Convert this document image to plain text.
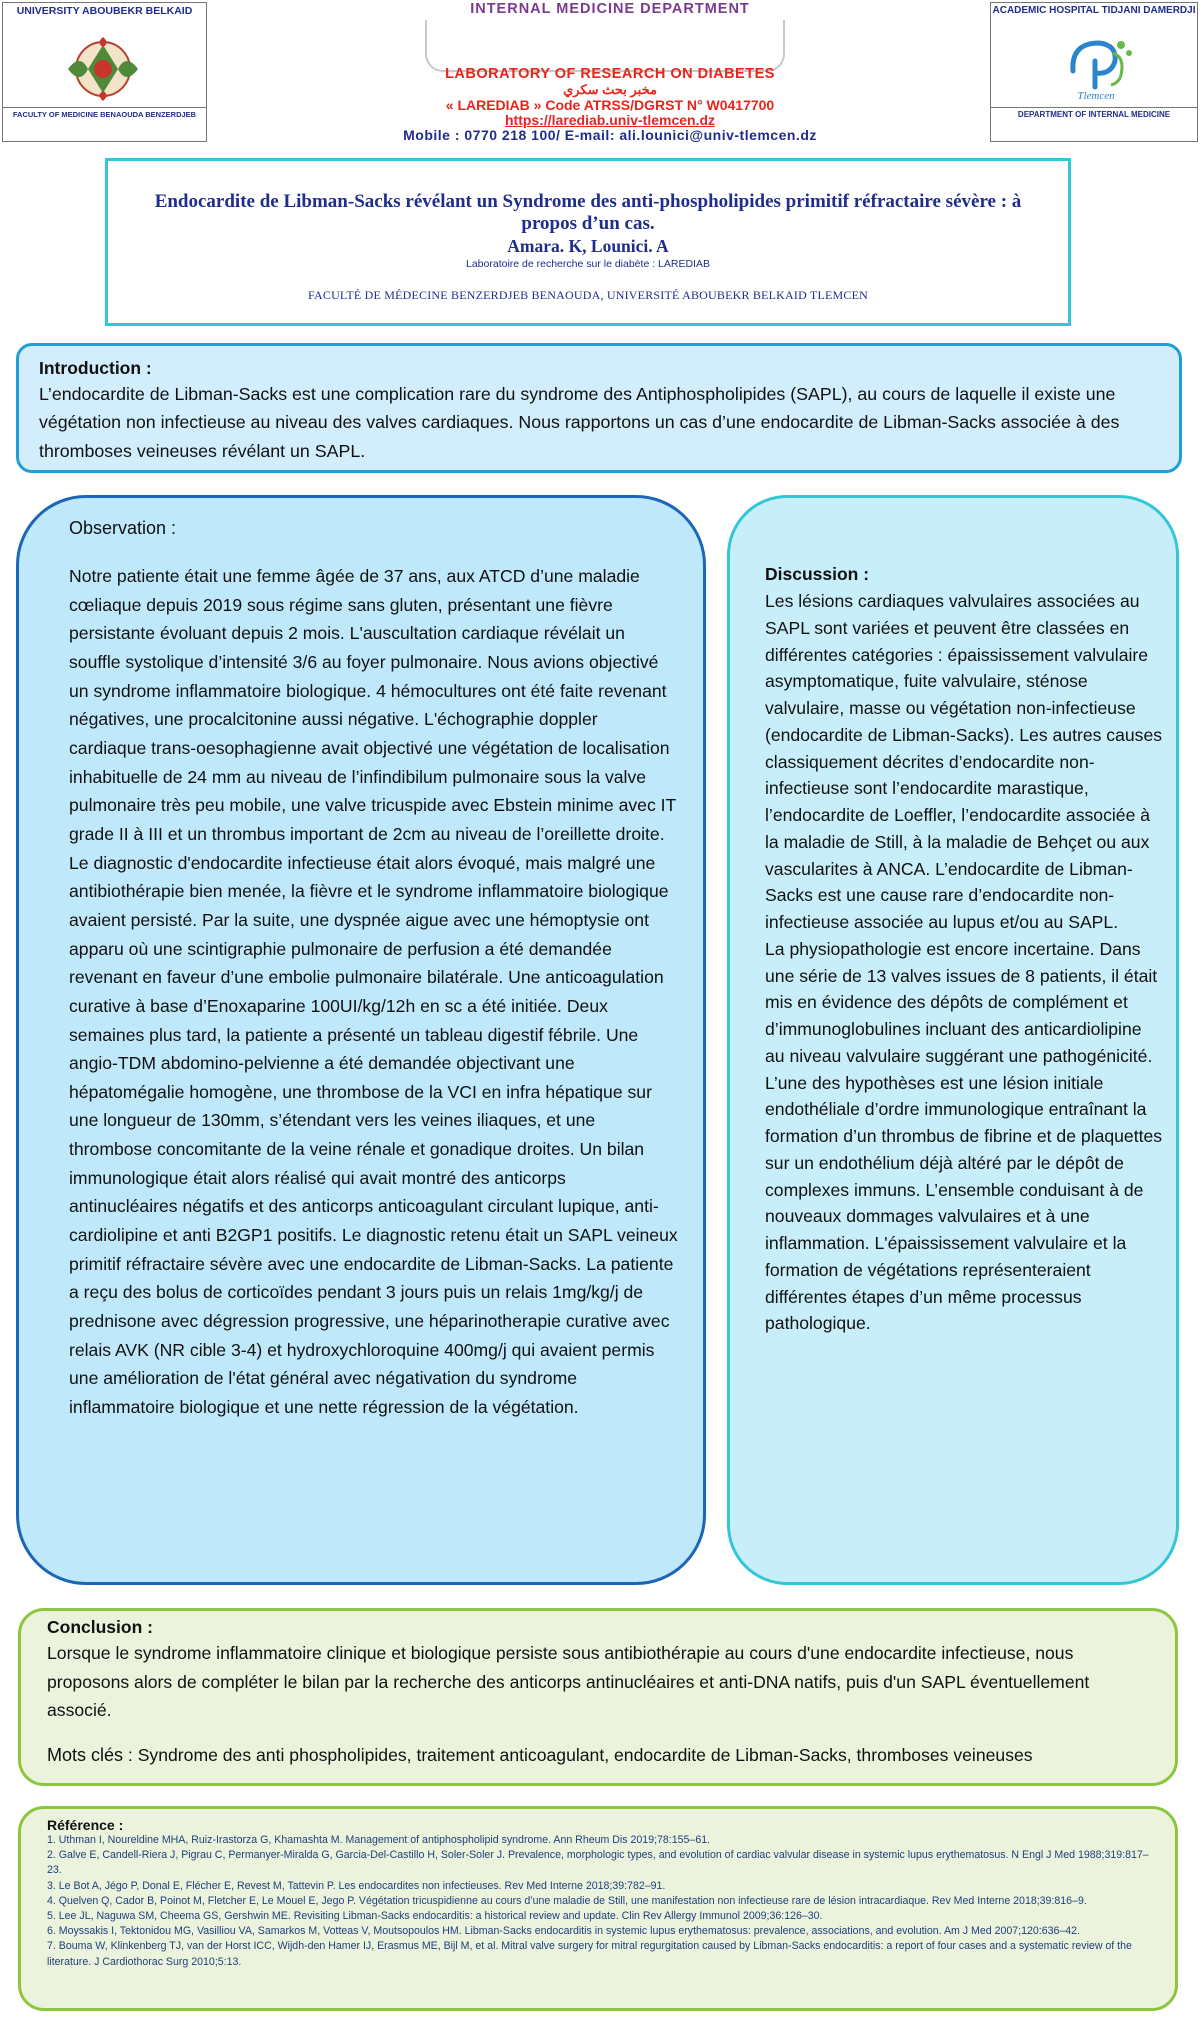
UNIVERSITY ABOUBEKR BELKAID
FACULTY OF MEDICINE BENAOUDA BENZERDJEB
INTERNAL MEDICINE DEPARTMENT
LABORATORY OF RESEARCH ON DIABETES
مخبر بحث سكري
« LAREDIAB » Code ATRSS/DGRST N° W0417700
https://larediab.univ-tlemcen.dz
Mobile : 0770 218 100/ E-mail: ali.lounici@univ-tlemcen.dz
ACADEMIC HOSPITAL TIDJANI DAMERDJI
Tlemcen
DEPARTMENT OF INTERNAL MEDICINE
Endocardite de Libman-Sacks révélant un Syndrome des anti-phospholipides primitif réfractaire sévère : à propos d’un cas.
Amara. K, Lounici. A
Laboratoire de recherche sur le diabète : LAREDIAB
FACULTÉ DE MÉDECINE BENZERDJEB BENAOUDA, UNIVERSITÉ ABOUBEKR BELKAID TLEMCEN
Introduction :

L’endocardite de Libman-Sacks est une complication rare du syndrome des Antiphospholipides (SAPL), au cours de laquelle il existe une végétation non infectieuse au niveau des valves cardiaques. Nous rapportons un cas d’une endocardite de Libman-Sacks associée à des thromboses veineuses révélant un SAPL.

Observation :

Notre patiente était une femme âgée de 37 ans, aux ATCD d’une maladie cœliaque depuis 2019 sous régime sans gluten, présentant une fièvre persistante évoluant depuis 2 mois. L'auscultation cardiaque révélait un souffle systolique d’intensité 3/6 au foyer pulmonaire. Nous avions objectivé un syndrome inflammatoire biologique. 4 hémocultures ont été faite revenant négatives, une procalcitonine aussi négative. L'échographie doppler cardiaque trans-oesophagienne avait objectivé une végétation de localisation inhabituelle de 24 mm au niveau de l’infindibilum pulmonaire sous la valve pulmonaire très peu mobile, une valve tricuspide avec Ebstein minime avec IT grade II à III et un thrombus important de 2cm au niveau de l’oreillette droite. Le diagnostic d'endocardite infectieuse était alors évoqué, mais malgré une antibiothérapie bien menée, la fièvre et le syndrome inflammatoire biologique avaient persisté. Par la suite, une dyspnée aigue avec une hémoptysie ont apparu où une scintigraphie pulmonaire de perfusion a été demandée revenant en faveur d’une embolie pulmonaire bilatérale. Une anticoagulation curative à base d’Enoxaparine 100UI/kg/12h en sc a été initiée. Deux semaines plus tard, la patiente a présenté un tableau digestif fébrile. Une angio-TDM abdomino-pelvienne a été demandée objectivant une hépatomégalie homogène, une thrombose de la VCI en infra hépatique sur une longueur de 130mm, s’étendant vers les veines iliaques, et une thrombose concomitante de la veine rénale et gonadique droites. Un bilan immunologique était alors réalisé qui avait montré des anticorps antinucléaires négatifs et des anticorps anticoagulant circulant lupique, anti-cardiolipine et anti B2GP1 positifs. Le diagnostic retenu était un SAPL veineux primitif réfractaire sévère avec une endocardite de Libman-Sacks. La patiente a reçu des bolus de corticoïdes pendant 3 jours puis un relais 1mg/kg/j de prednisone avec dégression progressive, une héparinotherapie curative avec relais AVK (NR cible 3-4) et hydroxychloroquine 400mg/j qui avaient permis une amélioration de l'état général avec négativation du syndrome inflammatoire biologique et une nette régression de la végétation.

Discussion :

Les lésions cardiaques valvulaires associées au SAPL sont variées et peuvent être classées en différentes catégories : épaississement valvulaire asymptomatique, fuite valvulaire, sténose valvulaire, masse ou végétation non-infectieuse (endocardite de Libman-Sacks). Les autres causes classiquement décrites d’endocardite non-infectieuse sont l’endocardite marastique, l’endocardite de Loeffler, l’endocardite associée à la maladie de Still, à la maladie de Behçet ou aux vascularites à ANCA. L’endocardite de Libman-Sacks est une cause rare d’endocardite non-infectieuse associée au lupus et/ou au SAPL.

La physiopathologie est encore incertaine. Dans une série de 13 valves issues de 8 patients, il était mis en évidence des dépôts de complément et d’immunoglobulines incluant des anticardiolipine au niveau valvulaire suggérant une pathogénicité. L’une des hypothèses est une lésion initiale endothéliale d’ordre immunologique entraînant la formation d’un thrombus de fibrine et de plaquettes sur un endothélium déjà altéré par le dépôt de complexes immuns. L’ensemble conduisant à de nouveaux dommages valvulaires et à une inflammation. L'épaississement valvulaire et la formation de végétations représenteraient différentes étapes d’un même processus pathologique.

Conclusion :

Lorsque le syndrome inflammatoire clinique et biologique persiste sous antibiothérapie au cours d'une endocardite infectieuse, nous proposons alors de compléter le bilan par la recherche des anticorps antinucléaires et anti-DNA natifs, puis d'un SAPL éventuellement associé.

Mots clés : Syndrome des anti phospholipides, traitement anticoagulant, endocardite de Libman-Sacks, thromboses veineuses

Référence :
1. Uthman I, Noureldine MHA, Ruiz-Irastorza G, Khamashta M. Management of antiphospholipid syndrome. Ann Rheum Dis 2019;78:155–61.
2. Galve E, Candell-Riera J, Pigrau C, Permanyer-Miralda G, Garcia-Del-Castillo H, Soler-Soler J. Prevalence, morphologic types, and evolution of cardiac valvular disease in systemic lupus erythematosus. N Engl J Med 1988;319:817–23.
3. Le Bot A, Jégo P, Donal E, Flécher E, Revest M, Tattevin P. Les endocardites non infectieuses. Rev Med Interne 2018;39:782–91.
4. Quelven Q, Cador B, Poinot M, Fletcher E, Le Mouel E, Jego P. Végétation tricuspidienne au cours d’une maladie de Still, une manifestation non infectieuse rare de lésion intracardiaque. Rev Med Interne 2018;39:816–9.
5. Lee JL, Naguwa SM, Cheema GS, Gershwin ME. Revisiting Libman-Sacks endocarditis: a historical review and update. Clin Rev Allergy Immunol 2009;36:126–30.
6. Moyssakis I, Tektonidou MG, Vasilliou VA, Samarkos M, Votteas V, Moutsopoulos HM. Libman-Sacks endocarditis in systemic lupus erythematosus: prevalence, associations, and evolution. Am J Med 2007;120:636–42.
7. Bouma W, Klinkenberg TJ, van der Horst ICC, Wijdh-den Hamer IJ, Erasmus ME, Bijl M, et al. Mitral valve surgery for mitral regurgitation caused by Libman-Sacks endocarditis: a report of four cases and a systematic review of the literature. J Cardiothorac Surg 2010;5:13.
